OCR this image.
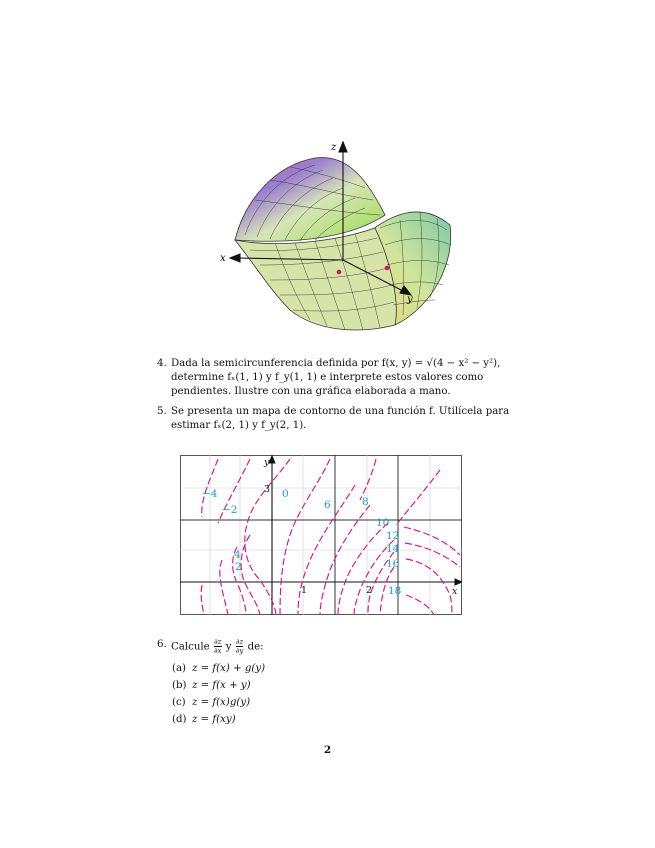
z
x
y
4. Dada la semicircunferencia definida por f(x, y) = √(4 − x² − y²), determine fₓ(1, 1) y f_y(1, 1) e interprete estos valores como pendientes. Ilustre con una gráfica elaborada a mano.
5. Se presenta un mapa de contorno de una función f. Utilícela para estimar fₓ(2, 1) y f_y(2, 1).
−4
−2
0
2
4
6	8
10
12
14
16
18
3
1	2
y
x
6. Calcule $\frac{\partial z}{\partial x}$ y $\frac{\partial z}{\partial y}$ de:
(a) z = f(x) + g(y)
(b) z = f(x + y)
(c) z = f(x)g(y)
(d) z = f(xy)
2
